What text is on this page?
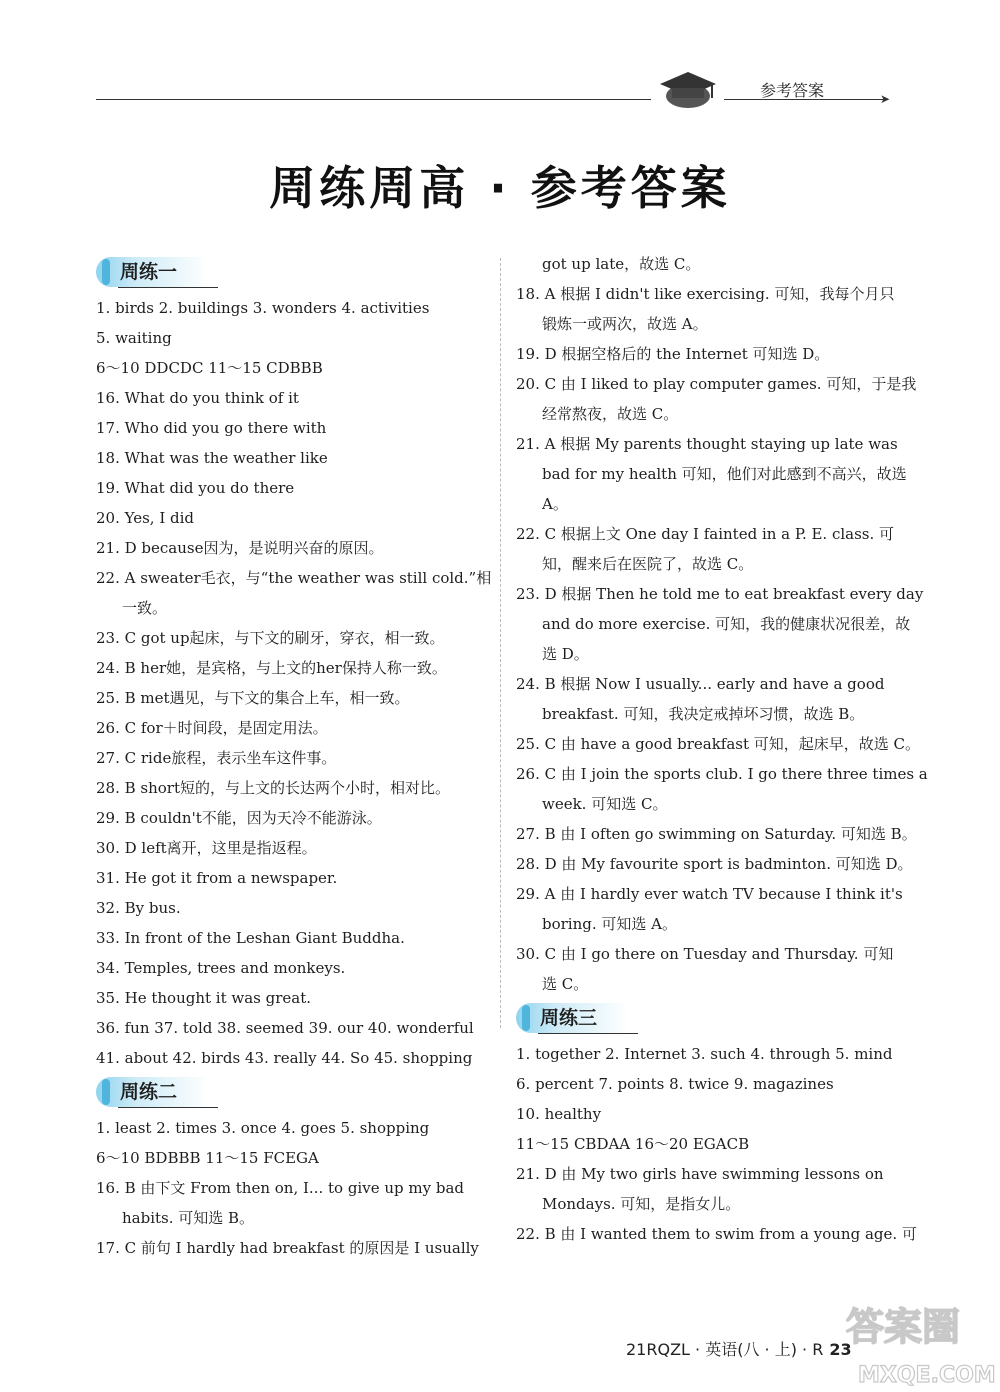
➤
参考答案
周练周高 · 参考答案
周练一
1. birds 2. buildings 3. wonders 4. activities
5. waiting
6～10 DDCDC 11～15 CDBBB
16. What do you think of it
17. Who did you go there with
18. What was the weather like
19. What did you do there
20. Yes, I did
21. D because因为，是说明兴奋的原因。
22. A sweater毛衣，与“the weather was still cold.”相
一致。
23. C got up起床，与下文的刷牙，穿衣，相一致。
24. B her她，是宾格，与上文的her保持人称一致。
25. B met遇见，与下文的集合上车，相一致。
26. C for＋时间段，是固定用法。
27. C ride旅程，表示坐车这件事。
28. B short短的，与上文的长达两个小时，相对比。
29. B couldn't不能，因为天冷不能游泳。
30. D left离开，这里是指返程。
31. He got it from a newspaper.
32. By bus.
33. In front of the Leshan Giant Buddha.
34. Temples, trees and monkeys.
35. He thought it was great.
36. fun 37. told 38. seemed 39. our 40. wonderful
41. about 42. birds 43. really 44. So 45. shopping
周练二
1. least 2. times 3. once 4. goes 5. shopping
6～10 BDBBB 11～15 FCEGA
16. B 由下文 From then on, I... to give up my bad
habits. 可知选 B。
17. C 前句 I hardly had breakfast 的原因是 I usually
got up late，故选 C。
18. A 根据 I didn't like exercising. 可知，我每个月只
锻炼一或两次，故选 A。
19. D 根据空格后的 the Internet 可知选 D。
20. C 由 I liked to play computer games. 可知，于是我
经常熬夜，故选 C。
21. A 根据 My parents thought staying up late was
bad for my health 可知，他们对此感到不高兴，故选
A。
22. C 根据上文 One day I fainted in a P. E. class. 可
知，醒来后在医院了，故选 C。
23. D 根据 Then he told me to eat breakfast every day
and do more exercise. 可知，我的健康状况很差，故
选 D。
24. B 根据 Now I usually... early and have a good
breakfast. 可知，我决定戒掉坏习惯，故选 B。
25. C 由 have a good breakfast 可知，起床早，故选 C。
26. C 由 I join the sports club. I go there three times a
week. 可知选 C。
27. B 由 I often go swimming on Saturday. 可知选 B。
28. D 由 My favourite sport is badminton. 可知选 D。
29. A 由 I hardly ever watch TV because I think it's
boring. 可知选 A。
30. C 由 I go there on Tuesday and Thursday. 可知
选 C。
周练三
1. together 2. Internet 3. such 4. through 5. mind
6. percent 7. points 8. twice 9. magazines
10. healthy
11～15 CBDAA 16～20 EGACB
21. D 由 My two girls have swimming lessons on
Mondays. 可知，是指女儿。
22. B 由 I wanted them to swim from a young age. 可
21RQZL · 英语(八 · 上) · R 23
答案圈
MXQE.COM
